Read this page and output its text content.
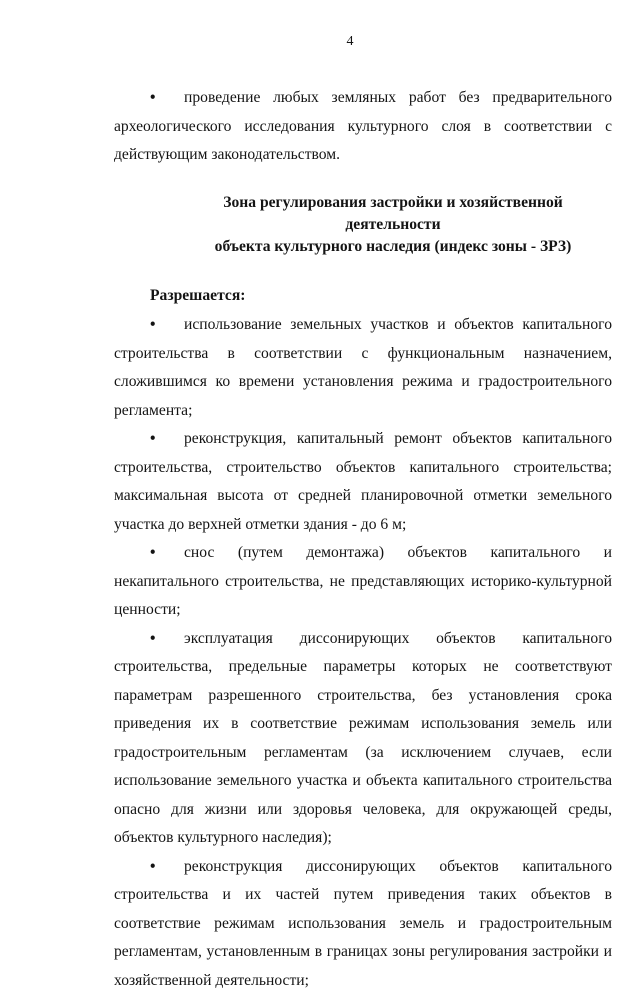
4

• проведение любых земляных работ без предварительного археологического исследования культурного слоя в соответствии с действующим законодательством.

Зона регулирования застройки и хозяйственной деятельности
объекта культурного наследия (индекс зоны - ЗРЗ)
Разрешается:

• использование земельных участков и объектов капитального строительства в соответствии с функциональным назначением, сложившимся ко времени установления режима и градостроительного регламента;

• реконструкция, капитальный ремонт объектов капитального строительства, строительство объектов капитального строительства; максимальная высота от средней планировочной отметки земельного участка до верхней отметки здания - до 6 м;

• снос (путем демонтажа) объектов капитального и некапитального строительства, не представляющих историко-культурной ценности;

• эксплуатация диссонирующих объектов капитального строительства, предельные параметры которых не соответствуют параметрам разрешенного строительства, без установления срока приведения их в соответствие режимам использования земель или градостроительным регламентам (за исключением случаев, если использование земельного участка и объекта капитального строительства опасно для жизни или здоровья человека, для окружающей среды, объектов культурного наследия);

• реконструкция диссонирующих объектов капитального строительства и их частей путем приведения таких объектов в соответствие режимам использования земель и градостроительным регламентам, установленным в границах зоны регулирования застройки и хозяйственной деятельности;
